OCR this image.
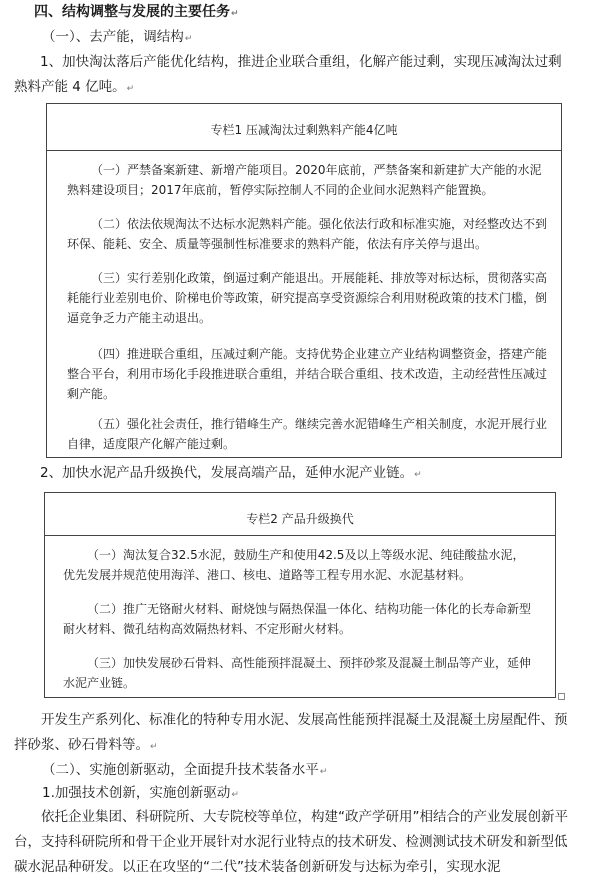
四、结构调整与发展的主要任务↵
（一）、去产能，调结构↵
1、加快淘汰落后产能优化结构，推进企业联合重组，化解产能过剩，实现压减淘汰过剩
熟料产能 4 亿吨。↵
专栏1 压减淘汰过剩熟料产能4亿吨
（一）严禁备案新建、新增产能项目。2020年底前，严禁备案和新建扩大产能的水泥熟料建设项目；2017年底前，暂停实际控制人不同的企业间水泥熟料产能置换。
（二）依法依规淘汰不达标水泥熟料产能。强化依法行政和标准实施，对经整改达不到环保、能耗、安全、质量等强制性标准要求的熟料产能，依法有序关停与退出。
（三）实行差别化政策，倒逼过剩产能退出。开展能耗、排放等对标达标，贯彻落实高耗能行业差别电价、阶梯电价等政策，研究提高享受资源综合利用财税政策的技术门槛，倒逼竞争乏力产能主动退出。
（四）推进联合重组，压减过剩产能。支持优势企业建立产业结构调整资金，搭建产能整合平台，利用市场化手段推进联合重组，并结合联合重组、技术改造，主动经营性压减过剩产能。
（五）强化社会责任，推行错峰生产。继续完善水泥错峰生产相关制度，水泥开展行业自律，适度限产化解产能过剩。
2、加快水泥产品升级换代，发展高端产品，延伸水泥产业链。↵
专栏2 产品升级换代
（一）淘汰复合32.5水泥，鼓励生产和使用42.5及以上等级水泥、纯硅酸盐水泥，优先发展并规范使用海洋、港口、核电、道路等工程专用水泥、水泥基材料。
（二）推广无铬耐火材料、耐烧蚀与隔热保温一体化、结构功能一体化的长寿命新型耐火材料、微孔结构高效隔热材料、不定形耐火材料。
（三）加快发展砂石骨料、高性能预拌混凝土、预拌砂浆及混凝土制品等产业，延伸水泥产业链。
开发生产系列化、标准化的特种专用水泥、发展高性能预拌混凝土及混凝土房屋配件、预拌砂浆、砂石骨料等。↵
（二）、实施创新驱动，全面提升技术装备水平↵
1.加强技术创新，实施创新驱动↵
依托企业集团、科研院所、大专院校等单位，构建“政产学研用”相结合的产业发展创新平台，支持科研院所和骨干企业开展针对水泥行业特点的技术研发、检测测试技术研发和新型低碳水泥品种研发。以正在攻坚的“二代”技术装备创新研发与达标为牵引，实现水泥
